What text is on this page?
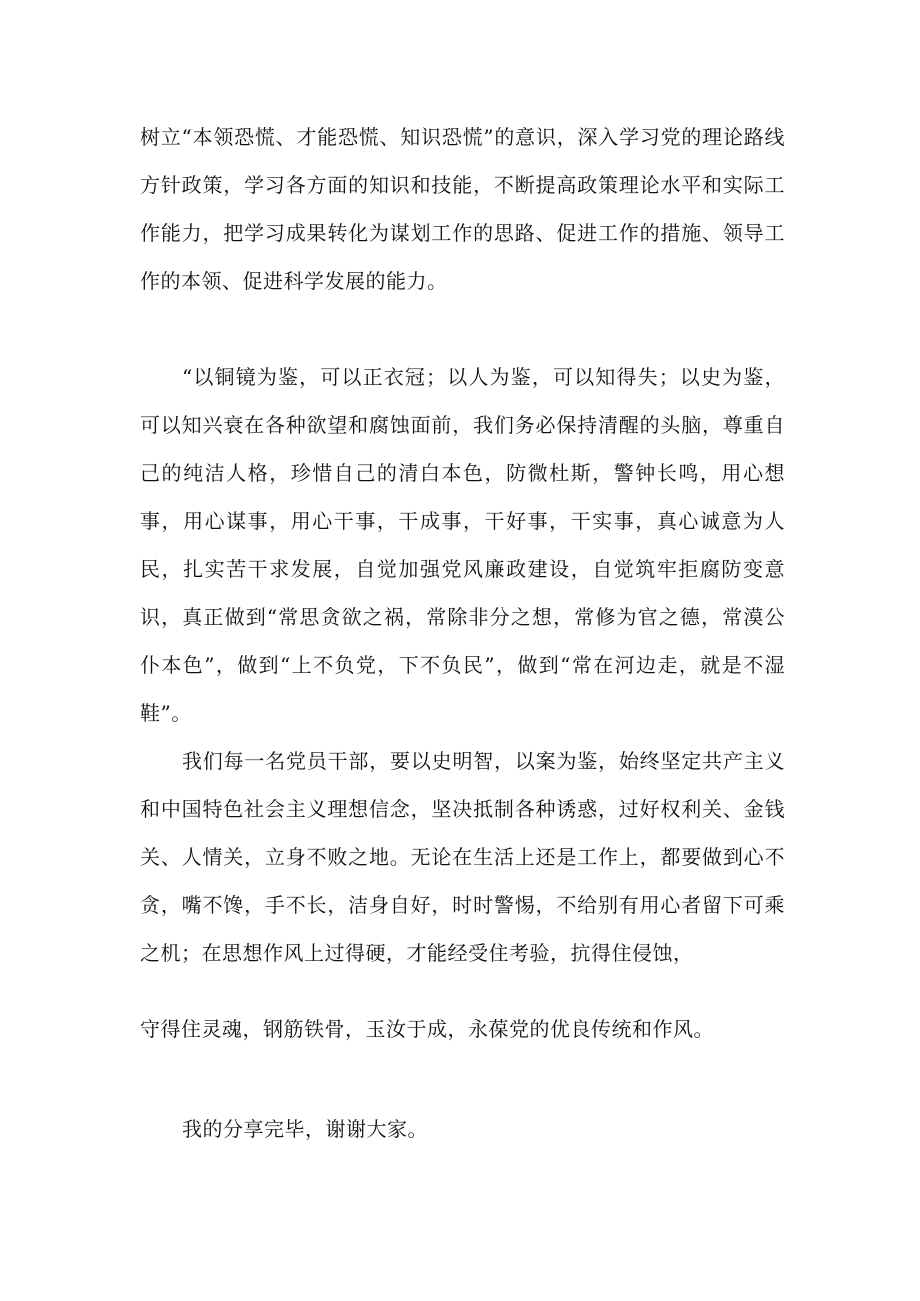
树立“本领恐慌、才能恐慌、知识恐慌”的意识，深入学习党的理论路线方针政策，学习各方面的知识和技能，不断提高政策理论水平和实际工作能力，把学习成果转化为谋划工作的思路、促进工作的措施、领导工作的本领、促进科学发展的能力。

“以铜镜为鉴，可以正衣冠；以人为鉴，可以知得失；以史为鉴，可以知兴衰在各种欲望和腐蚀面前，我们务必保持清醒的头脑，尊重自己的纯洁人格，珍惜自己的清白本色，防微杜斯，警钟长鸣，用心想事，用心谋事，用心干事，干成事，干好事，干实事，真心诚意为人民，扎实苦干求发展，自觉加强党风廉政建设，自觉筑牢拒腐防变意识，真正做到“常思贪欲之祸，常除非分之想，常修为官之德，常漠公仆本色”，做到“上不负党，下不负民”，做到“常在河边走，就是不湿鞋”。

我们每一名党员干部，要以史明智，以案为鉴，始终坚定共产主义和中国特色社会主义理想信念，坚决抵制各种诱惑，过好权利关、金钱关、人情关，立身不败之地。无论在生活上还是工作上，都要做到心不贪，嘴不馋，手不长，洁身自好，时时警惕，不给别有用心者留下可乘之机；在思想作风上过得硬，才能经受住考验，抗得住侵蚀，

守得住灵魂，钢筋铁骨，玉汝于成，永葆党的优良传统和作风。

我的分享完毕，谢谢大家。
